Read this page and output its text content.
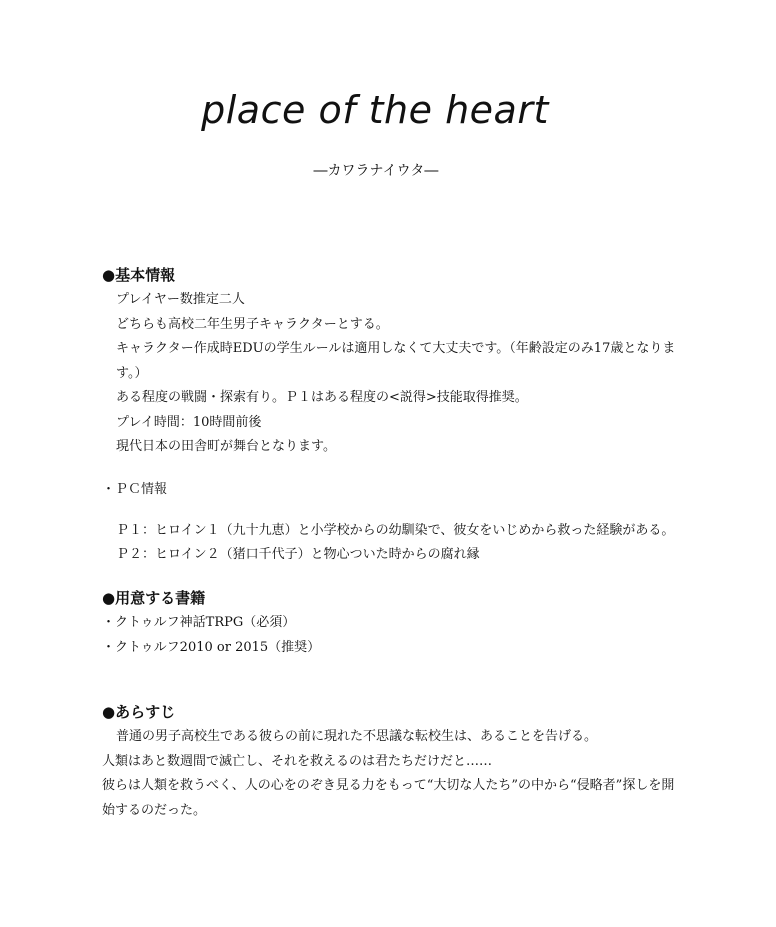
place of the heart
―カワラナイウタ―
●基本情報
プレイヤー数推定二人
どちらも高校二年生男子キャラクターとする。
キャラクター作成時EDUの学生ルールは適用しなくて大丈夫です。（年齢設定のみ17歳となります。）
ある程度の戦闘・探索有り。Ｐ１はある程度の<説得>技能取得推奨。
プレイ時間：10時間前後
現代日本の田舎町が舞台となります。
・ＰＣ情報
Ｐ１：ヒロイン１（九十九恵）と小学校からの幼馴染で、彼女をいじめから救った経験がある。
Ｐ２：ヒロイン２（猪口千代子）と物心ついた時からの腐れ縁
●用意する書籍
・クトゥルフ神話TRPG（必須）
・クトゥルフ2010 or 2015（推奨）
●あらすじ
普通の男子高校生である彼らの前に現れた不思議な転校生は、あることを告げる。
人類はあと数週間で滅亡し、それを救えるのは君たちだけだと……
彼らは人類を救うべく、人の心をのぞき見る力をもって“大切な人たち”の中から“侵略者”探しを開始するのだった。
